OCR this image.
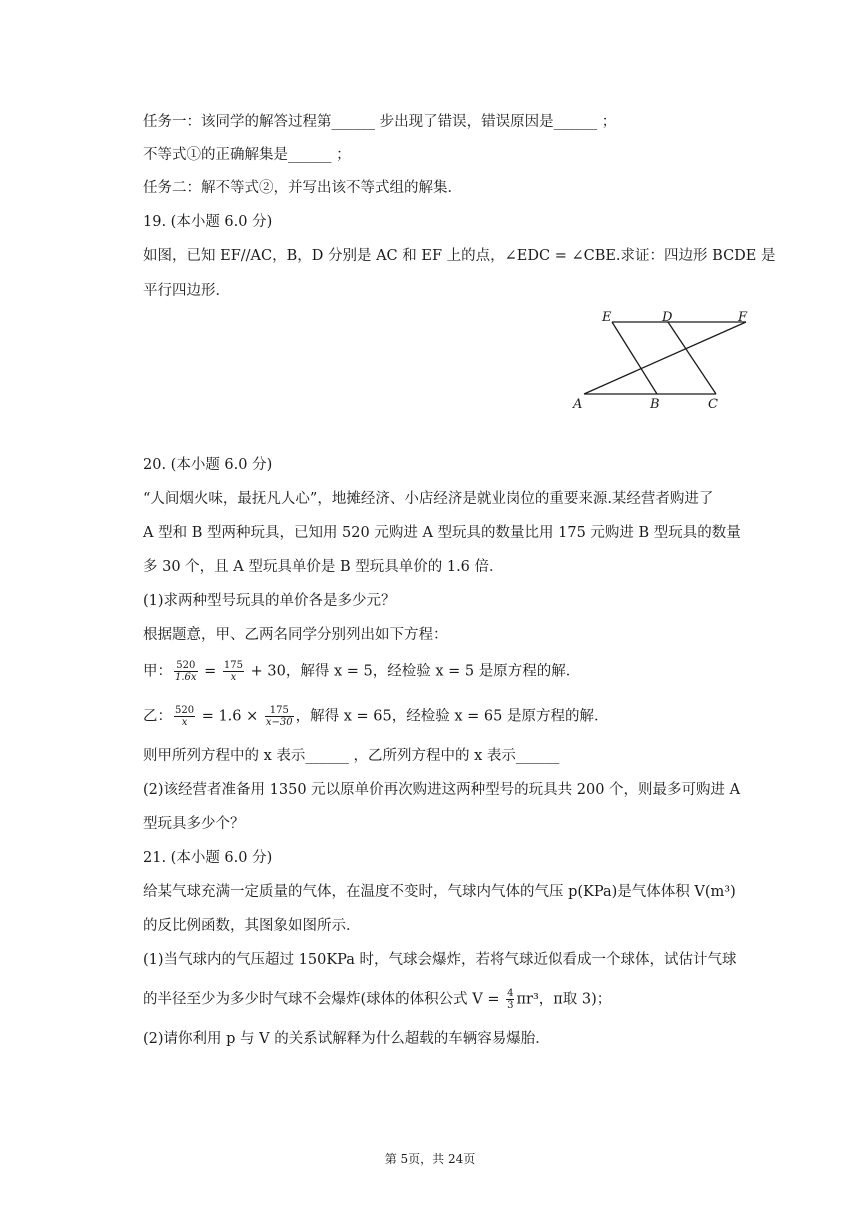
任务一：该同学的解答过程第______ 步出现了错误，错误原因是______ ；
不等式①的正确解集是______ ；
任务二：解不等式②，并写出该不等式组的解集．
19. (本小题 6.0 分)
如图，已知 EF//AC，B，D 分别是 AC 和 EF 上的点，∠EDC = ∠CBE.求证：四边形 BCDE 是
平行四边形．
E	D	F
A	B	C
20. (本小题 6.0 分)
“人间烟火味，最抚凡人心”，地摊经济、小店经济是就业岗位的重要来源.某经营者购进了
A 型和 B 型两种玩具，已知用 520 元购进 A 型玩具的数量比用 175 元购进 B 型玩具的数量
多 30 个，且 A 型玩具单价是 B 型玩具单价的 1.6 倍．
(1)求两种型号玩具的单价各是多少元？
根据题意，甲、乙两名同学分别列出如下方程：
甲： $\frac{520}{1.6x} = \frac{175}{x} + 30$，解得 x = 5，经检验 x = 5 是原方程的解．
乙： $\frac{520}{x} = 1.6 \times \frac{175}{x-30}$ ，解得 x = 65，经检验 x = 65 是原方程的解．
则甲所列方程中的 x 表示______ ，乙所列方程中的 x 表示______
(2)该经营者准备用 1350 元以原单价再次购进这两种型号的玩具共 200 个，则最多可购进 A
型玩具多少个？
21. (本小题 6.0 分)
给某气球充满一定质量的气体，在温度不变时，气球内气体的气压 p(KPa)是气体体积 V(m³)
的反比例函数，其图象如图所示．
(1)当气球内的气压超过 150KPa 时，气球会爆炸，若将气球近似看成一个球体，试估计气球
的半径至少为多少时气球不会爆炸(球体的体积公式 $V = \frac{4}{3} \pi r^3$，π取 3)；
(2)请你利用 p 与 V 的关系试解释为什么超载的车辆容易爆胎．
第 5页，共 24页
